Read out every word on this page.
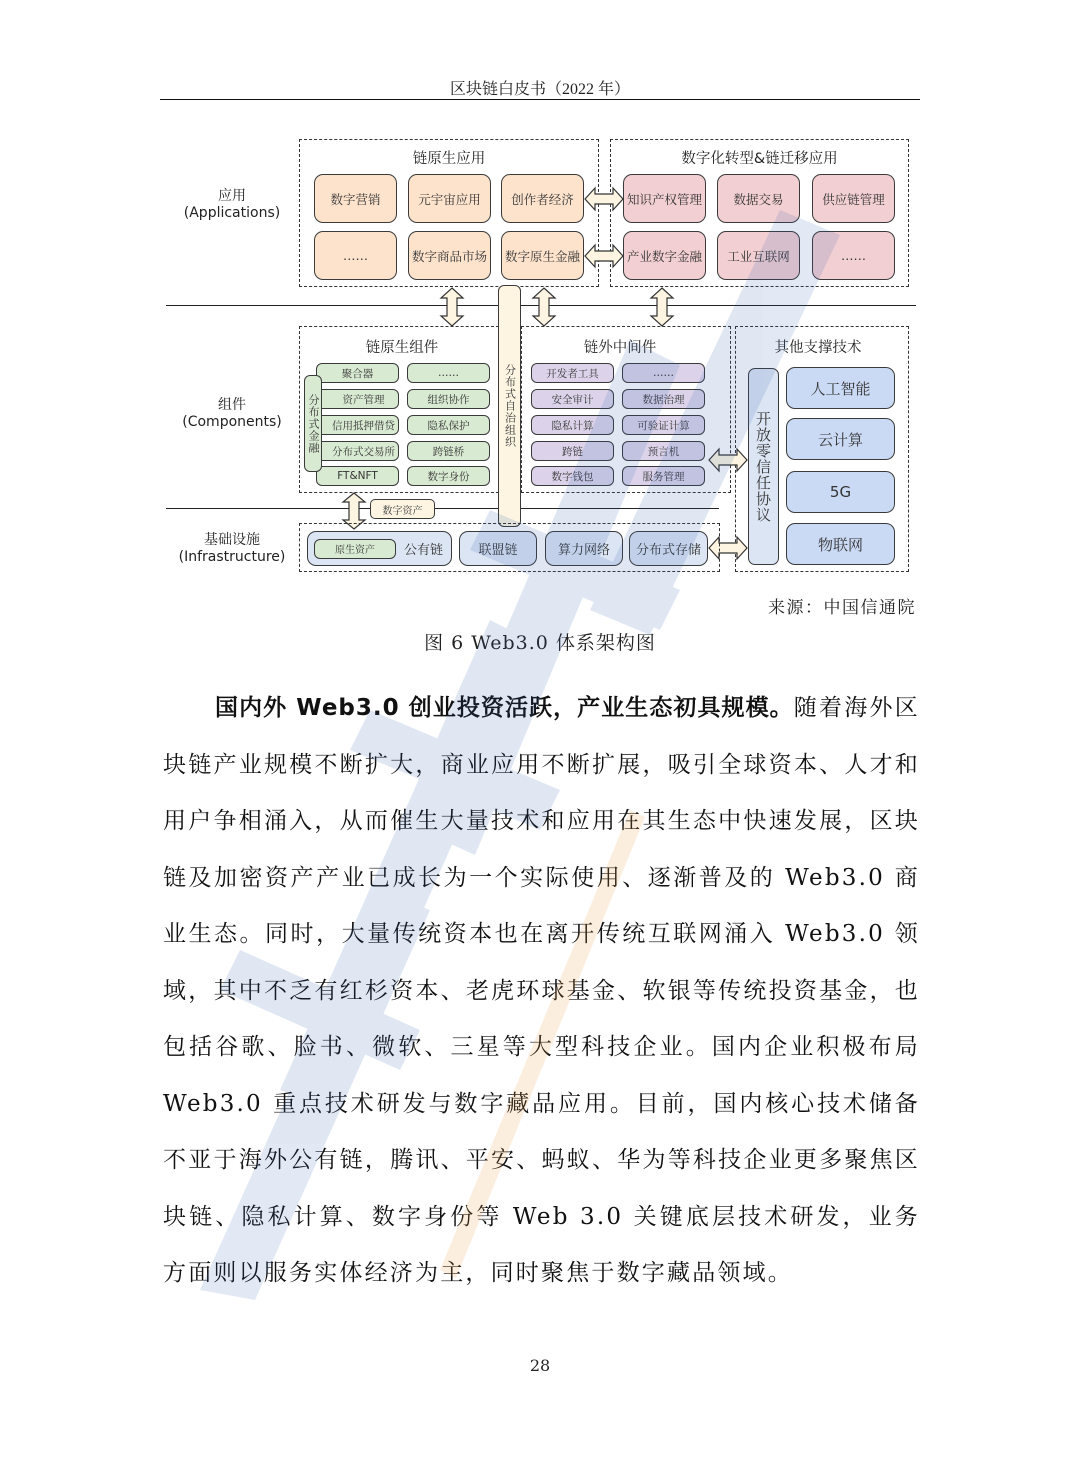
区块链白皮书（2022 年）
应用
(Applications)
组件
(Components)
基础设施
(Infrastructure)
链原生应用
数字营销	元宇宙应用	创作者经济
……	数字商品市场	数字原生金融
数字化转型&链迁移应用
知识产权管理	数据交易	供应链管理
产业数字金融	工业互联网	……
链原生组件
聚合器
资产管理
信用抵押借贷
分布式交易所
FT&NFT
……
组织协作
隐私保护
跨链桥
数字身份
分布式金融	分布式自治组织
链外中间件
开发者工具
安全审计
隐私计算
跨链
数字钱包
……
数据治理
可验证计算
预言机
服务管理
其他支撑技术
开放零信任协议
人工智能
云计算
5G
物联网
数字资产
原生资产	公有链	联盟链	算力网络	分布式存储
来源：中国信通院
图 6 Web3.0 体系架构图

国内外 Web3.0 创业投资活跃，产业生态初具规模。随着海外区块链产业规模不断扩大，商业应用不断扩展，吸引全球资本、人才和用户争相涌入，从而催生大量技术和应用在其生态中快速发展，区块链及加密资产产业已成长为一个实际使用、逐渐普及的 Web3.0 商业生态。同时，大量传统资本也在离开传统互联网涌入 Web3.0 领域，其中不乏有红杉资本、老虎环球基金、软银等传统投资基金，也包括谷歌、脸书、微软、三星等大型科技企业。国内企业积极布局 Web3.0 重点技术研发与数字藏品应用。目前，国内核心技术储备不亚于海外公有链，腾讯、平安、蚂蚁、华为等科技企业更多聚焦区块链、隐私计算、数字身份等 Web 3.0 关键底层技术研发，业务方面则以服务实体经济为主，同时聚焦于数字藏品领域。

28
